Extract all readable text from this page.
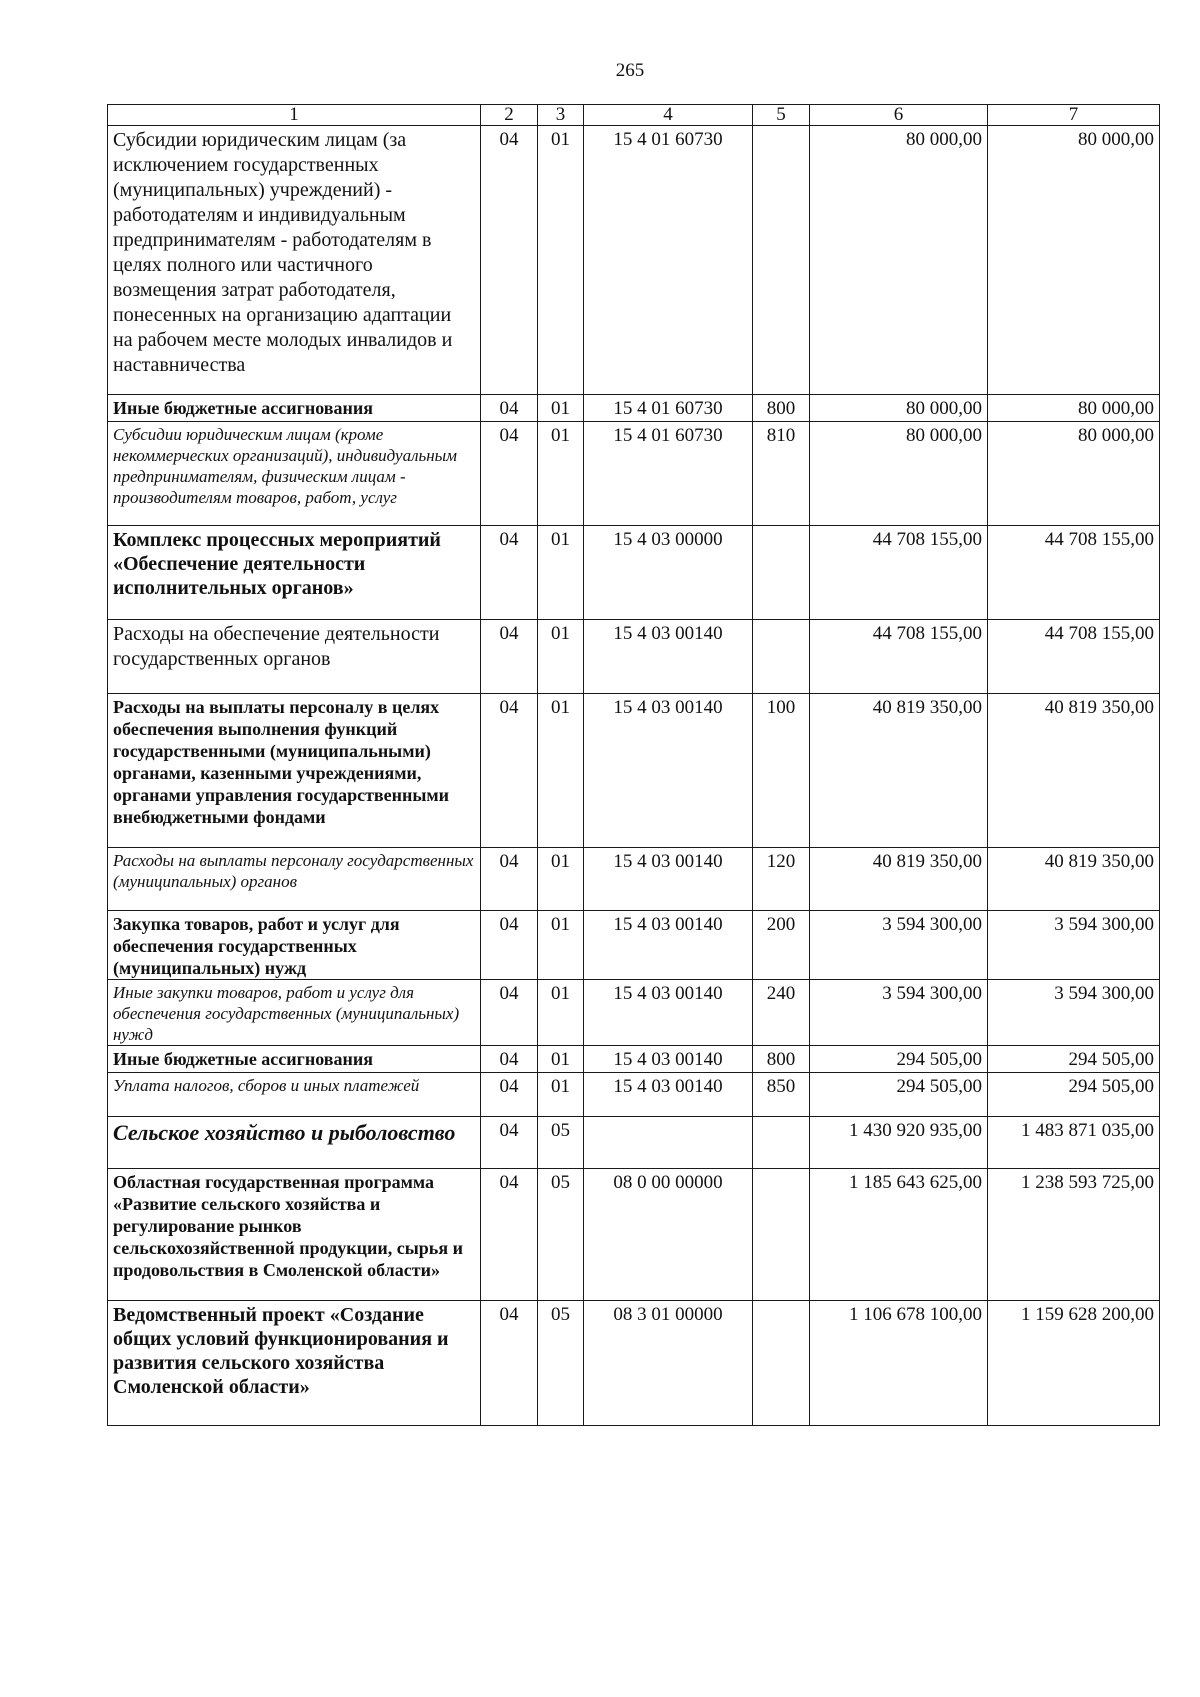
265
1	2	3	4	5	6	7
Субсидии юридическим лицам (за исключением государственных (муниципальных) учреждений) - работодателям и индивидуальным предпринимателям - работодателям в целях полного или частичного возмещения затрат работодателя, понесенных на организацию адаптации на рабочем месте молодых инвалидов и наставничества	04	01	15 4 01 60730		80 000,00	80 000,00
Иные бюджетные ассигнования	04	01	15 4 01 60730	800	80 000,00	80 000,00
Субсидии юридическим лицам (кроме некоммерческих организаций), индивидуальным предпринимателям, физическим лицам - производителям товаров, работ, услуг	04	01	15 4 01 60730	810	80 000,00	80 000,00
Комплекс процессных мероприятий «Обеспечение деятельности исполнительных органов»	04	01	15 4 03 00000		44 708 155,00	44 708 155,00
Расходы на обеспечение деятельности государственных органов	04	01	15 4 03 00140		44 708 155,00	44 708 155,00
Расходы на выплаты персоналу в целях обеспечения выполнения функций государственными (муниципальными) органами, казенными учреждениями, органами управления государственными внебюджетными фондами	04	01	15 4 03 00140	100	40 819 350,00	40 819 350,00
Расходы на выплаты персоналу государственных (муниципальных) органов	04	01	15 4 03 00140	120	40 819 350,00	40 819 350,00
Закупка товаров, работ и услуг для обеспечения государственных (муниципальных) нужд	04	01	15 4 03 00140	200	3 594 300,00	3 594 300,00
Иные закупки товаров, работ и услуг для обеспечения государственных (муниципальных) нужд	04	01	15 4 03 00140	240	3 594 300,00	3 594 300,00
Иные бюджетные ассигнования	04	01	15 4 03 00140	800	294 505,00	294 505,00
Уплата налогов, сборов и иных платежей	04	01	15 4 03 00140	850	294 505,00	294 505,00
Сельское хозяйство и рыболовство	04	05			1 430 920 935,00	1 483 871 035,00
Областная государственная программа «Развитие сельского хозяйства и регулирование рынков сельскохозяйственной продукции, сырья и продовольствия в Смоленской области»	04	05	08 0 00 00000		1 185 643 625,00	1 238 593 725,00
Ведомственный проект «Создание общих условий функционирования и развития сельского хозяйства Смоленской области»	04	05	08 3 01 00000		1 106 678 100,00	1 159 628 200,00
